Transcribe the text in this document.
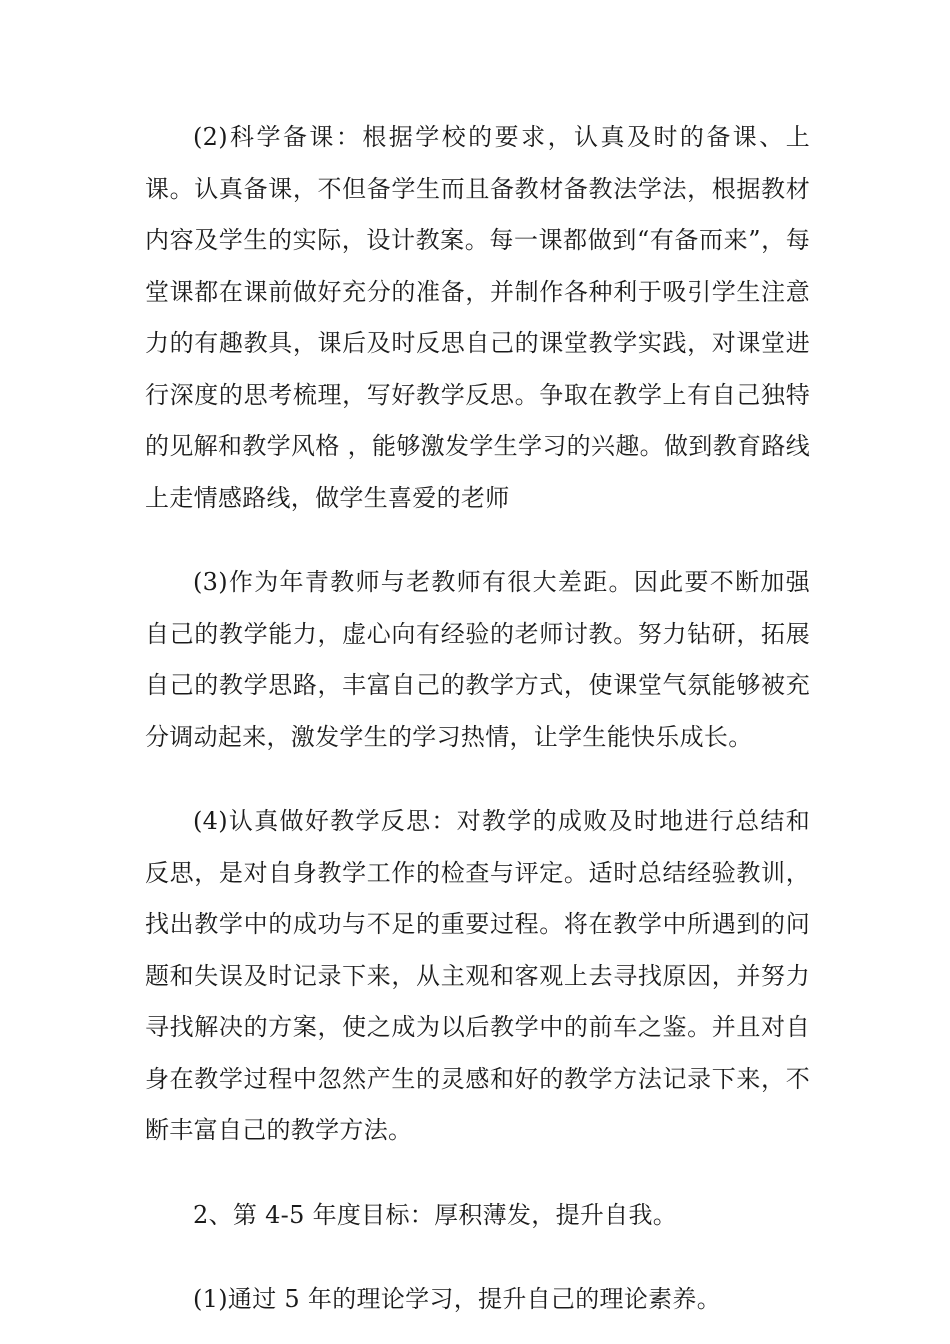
(2)科学备课：根据学校的要求，认真及时的备课、上课。认真备课，不但备学生而且备教材备教法学法，根据教材内容及学生的实际，设计教案。每一课都做到“有备而来”，每堂课都在课前做好充分的准备，并制作各种利于吸引学生注意力的有趣教具，课后及时反思自己的课堂教学实践，对课堂进行深度的思考梳理，写好教学反思。争取在教学上有自己独特的见解和教学风格 ，能够激发学生学习的兴趣。做到教育路线上走情感路线，做学生喜爱的老师

(3)作为年青教师与老教师有很大差距。因此要不断加强自己的教学能力，虚心向有经验的老师讨教。努力钻研，拓展自己的教学思路，丰富自己的教学方式，使课堂气氛能够被充分调动起来，激发学生的学习热情，让学生能快乐成长。

(4)认真做好教学反思：对教学的成败及时地进行总结和反思，是对自身教学工作的检查与评定。适时总结经验教训，找出教学中的成功与不足的重要过程。将在教学中所遇到的问题和失误及时记录下来，从主观和客观上去寻找原因，并努力寻找解决的方案，使之成为以后教学中的前车之鉴。并且对自身在教学过程中忽然产生的灵感和好的教学方法记录下来，不断丰富自己的教学方法。

2、第 4-5 年度目标：厚积薄发，提升自我。

(1)通过 5 年的理论学习，提升自己的理论素养。
